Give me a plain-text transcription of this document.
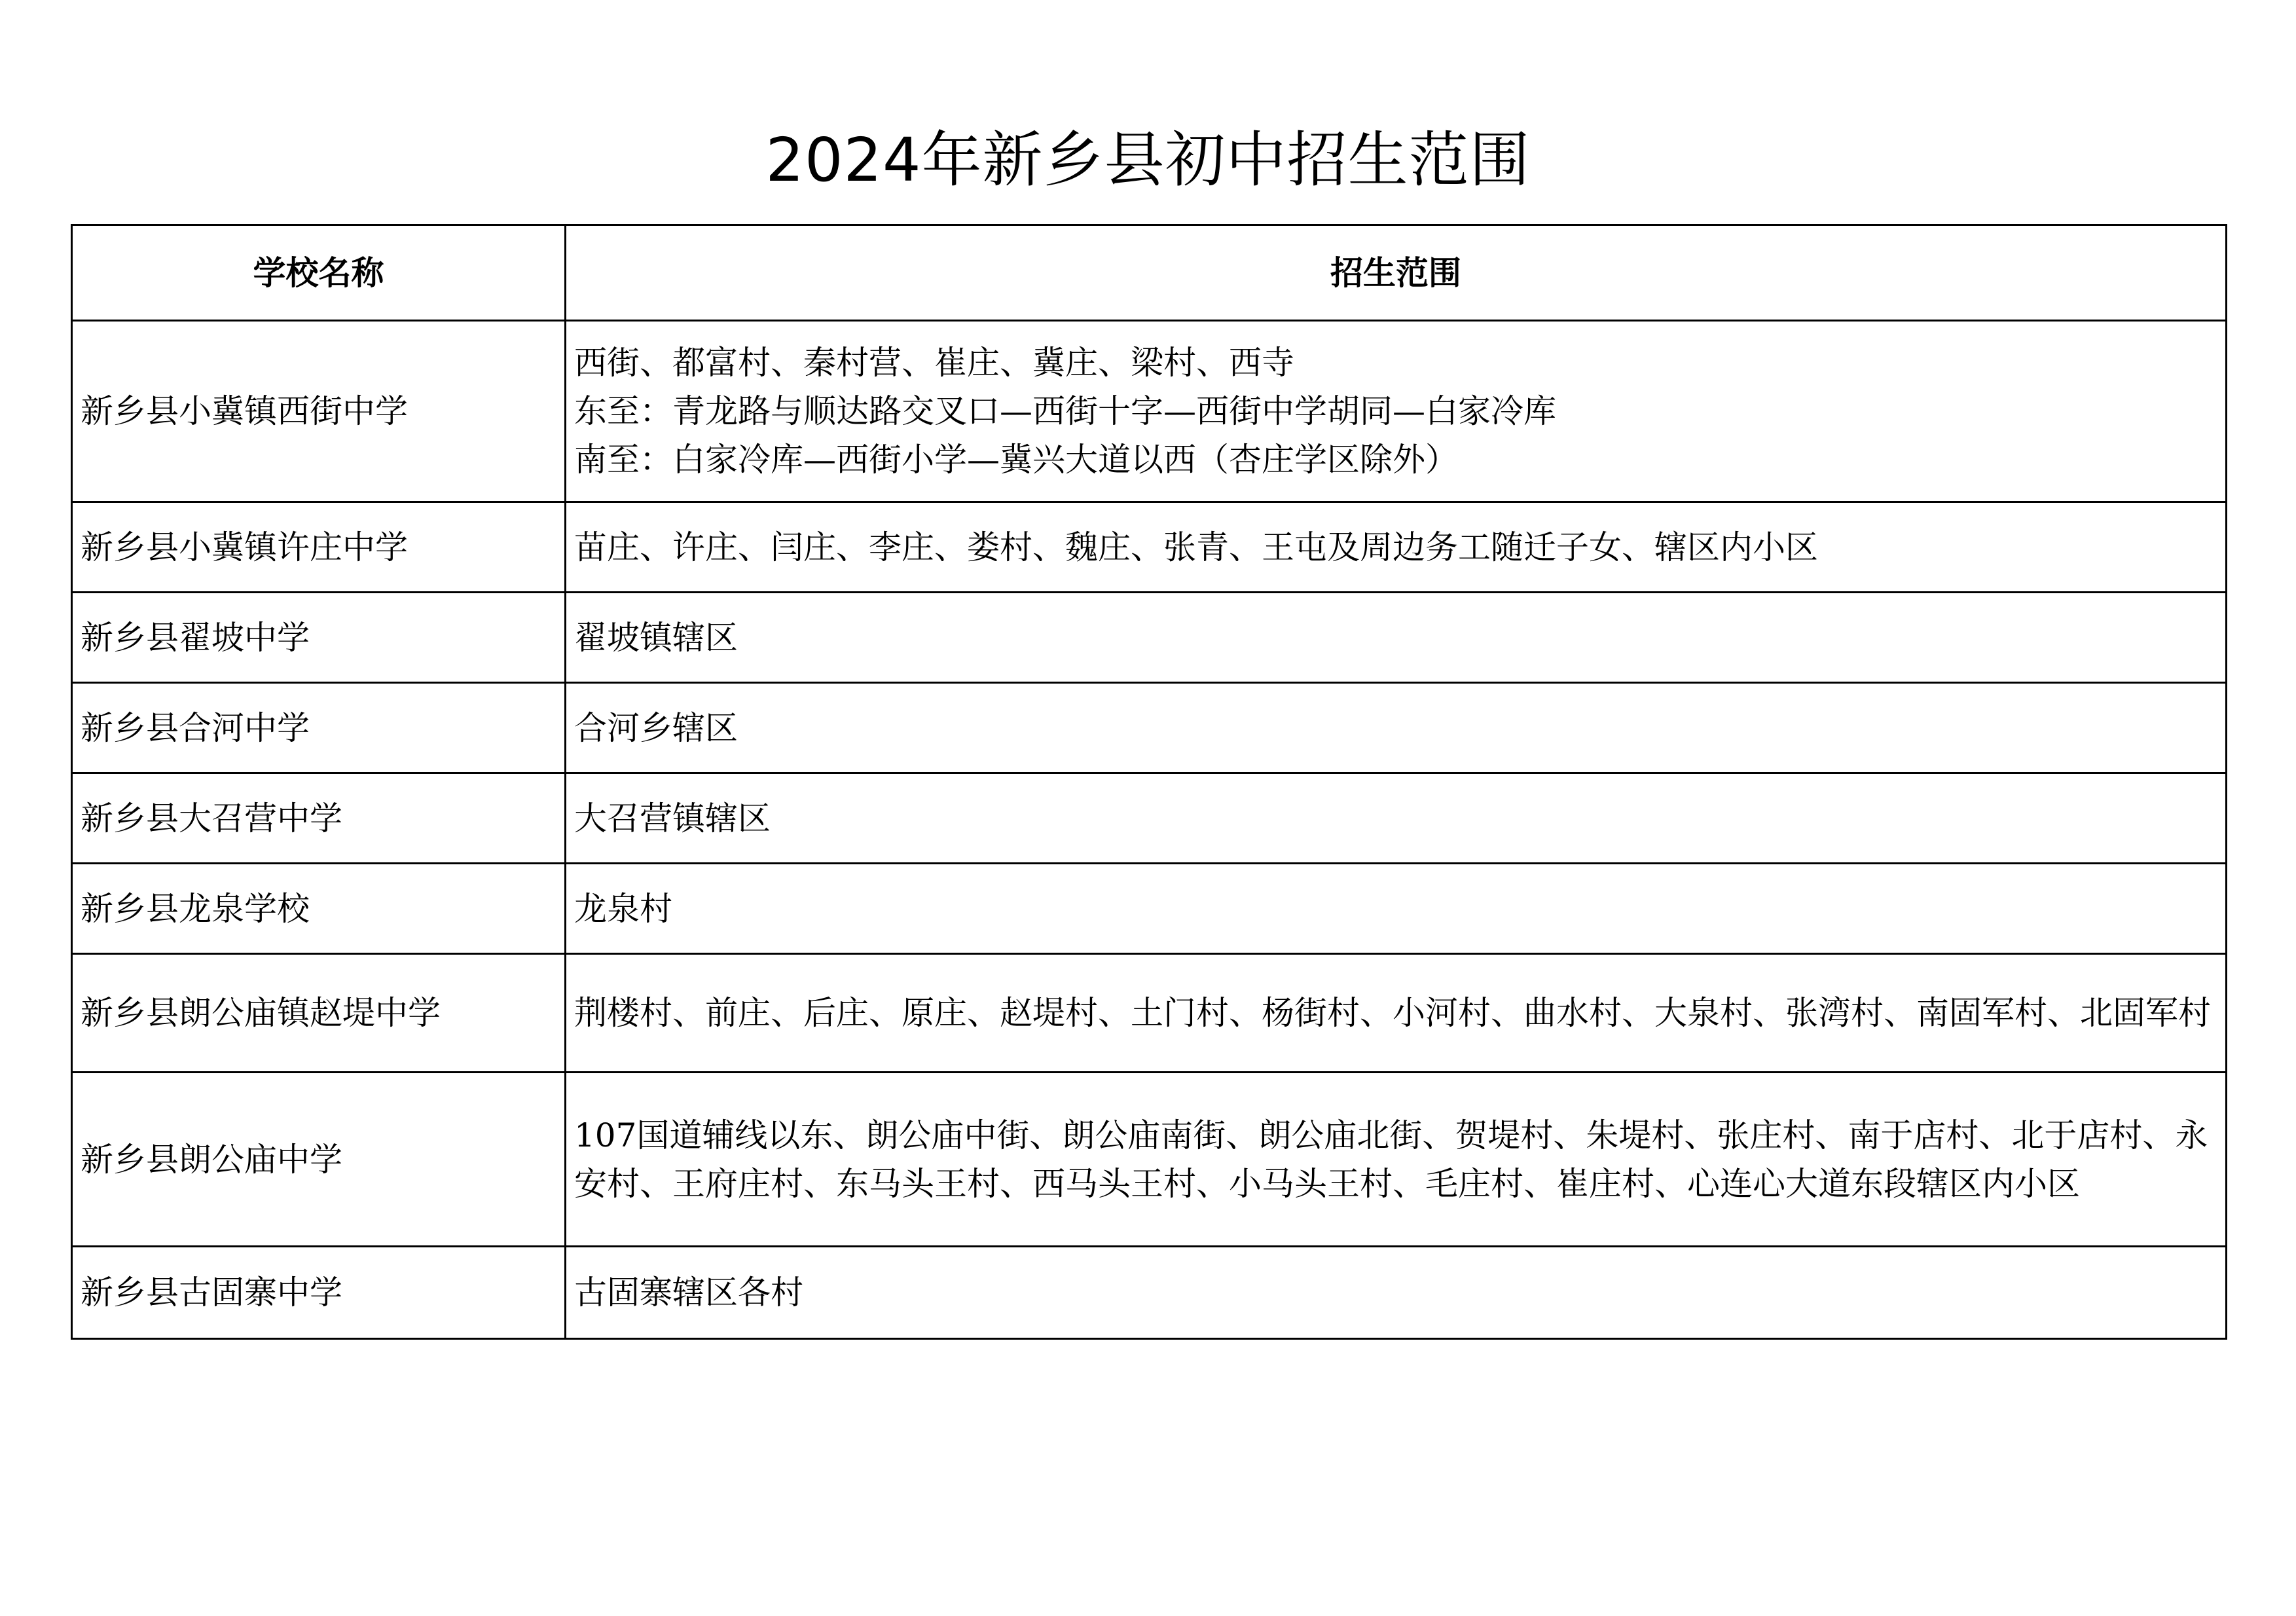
2024年新乡县初中招生范围
学校名称	招生范围
新乡县小冀镇西街中学	西街、都富村、秦村营、崔庄、冀庄、梁村、西寺
东至：青龙路与顺达路交叉口—西街十字—西街中学胡同—白家冷库
南至：白家冷库—西街小学—冀兴大道以西（杏庄学区除外）

新乡县小冀镇许庄中学	苗庄、许庄、闫庄、李庄、娄村、魏庄、张青、王屯及周边务工随迁子女、辖区内小区
新乡县翟坡中学	翟坡镇辖区
新乡县合河中学	合河乡辖区
新乡县大召营中学	大召营镇辖区
新乡县龙泉学校	龙泉村
新乡县朗公庙镇赵堤中学	荆楼村、前庄、后庄、原庄、赵堤村、土门村、杨街村、小河村、曲水村、大泉村、张湾村、南固军村、北固军村
新乡县朗公庙中学	107国道辅线以东、朗公庙中街、朗公庙南街、朗公庙北街、贺堤村、朱堤村、张庄村、南于店村、北于店村、永安村、王府庄村、东马头王村、西马头王村、小马头王村、毛庄村、崔庄村、心连心大道东段辖区内小区
新乡县古固寨中学	古固寨辖区各村
